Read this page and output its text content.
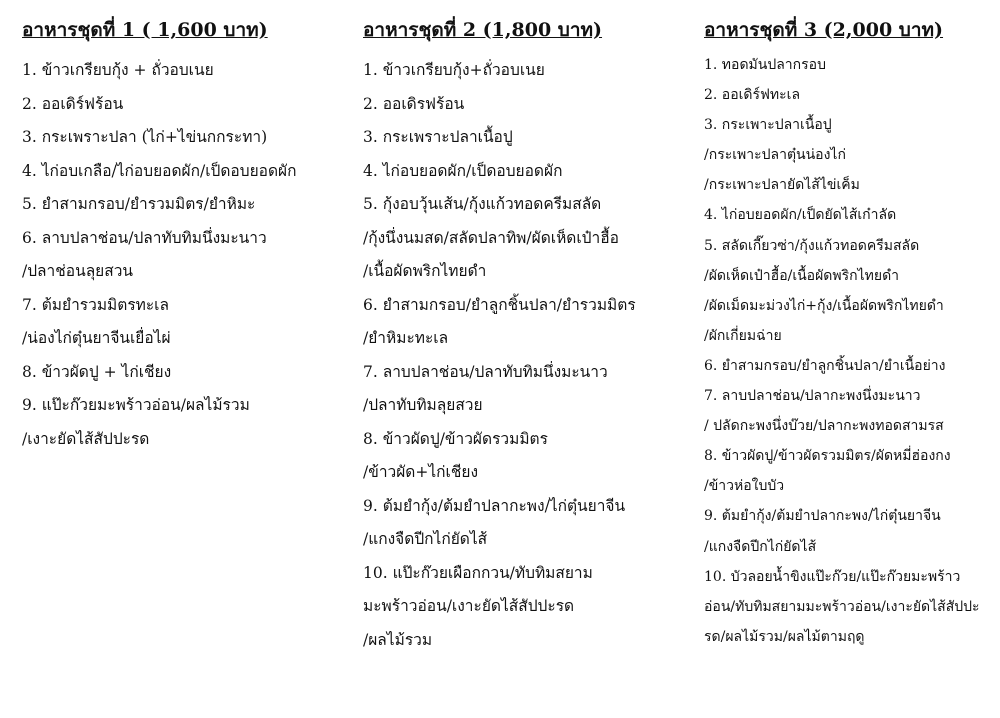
อาหารชุดที่ 1 ( 1,600 บาท)
1. ข้าวเกรียบกุ้ง + ถั่วอบเนย
2. ออเดิร์ฟร้อน
3. กระเพราะปลา (ไก่+ไข่นกกระทา)
4. ไก่อบเกลือ/ไก่อบยอดผัก/เป็ดอบยอดผัก
5. ยำสามกรอบ/ยำรวมมิตร/ยำหิมะ
6. ลาบปลาช่อน/ปลาทับทิมนึ่งมะนาว
/ปลาช่อนลุยสวน
7. ต้มยำรวมมิตรทะเล
/น่องไก่ตุ๋นยาจีนเยื่อไผ่
8. ข้าวผัดปู + ไก่เชียง
9. แป๊ะก๊วยมะพร้าวอ่อน/ผลไม้รวม
/เงาะยัดไส้สัปปะรด
อาหารชุดที่ 2 (1,800 บาท)
1. ข้าวเกรียบกุ้ง+ถั่วอบเนย
2. ออเดิรฟร้อน
3. กระเพราะปลาเนื้อปู
4. ไก่อบยอดผัก/เป็ดอบยอดผัก
5. กุ้งอบวุ้นเส้น/กุ้งแก้วทอดครีมสลัด
/กุ้งนึ่งนมสด/สลัดปลาทิพ/ผัดเห็ดเป๋าฮื้อ
/เนื้อผัดพริกไทยดำ
6. ยำสามกรอบ/ยำลูกชิ้นปลา/ยำรวมมิตร
/ยำหิมะทะเล
7. ลาบปลาช่อน/ปลาทับทิมนึ่งมะนาว
/ปลาทับทิมลุยสวย
8. ข้าวผัดปู/ข้าวผัดรวมมิตร
/ข้าวผัด+ไก่เชียง
9. ต้มยำกุ้ง/ต้มยำปลากะพง/ไก่ตุ๋นยาจีน
/แกงจืดปีกไก่ยัดไส้
10. แป๊ะก๊วยเผือกกวน/ทับทิมสยาม
มะพร้าวอ่อน/เงาะยัดไส้สัปปะรด
/ผลไม้รวม
อาหารชุดที่ 3 (2,000 บาท)
1. ทอดมันปลากรอบ
2. ออเดิร์ฟทะเล
3. กระเพาะปลาเนื้อปู
/กระเพาะปลาตุ๋นน่องไก่
/กระเพาะปลายัดไส้ไข่เค็ม
4. ไก่อบยอดผัก/เป็ดยัดไส้เก๋าลัด
5. สลัดเกี๊ยวซ่า/กุ้งแก้วทอดครีมสลัด
/ผัดเห็ดเป๋าฮื้อ/เนื้อผัดพริกไทยดำ
/ผัดเม็ดมะม่วงไก่+กุ้ง/เนื้อผัดพริกไทยดำ
/ผักเกี่ยมฉ่าย
6. ยำสามกรอบ/ยำลูกชิ้นปลา/ยำเนื้อย่าง
7. ลาบปลาช่อน/ปลากะพงนึ่งมะนาว
/ ปลัดกะพงนึ่งบ๊วย/ปลากะพงทอดสามรส
8. ข้าวผัดปู/ข้าวผัดรวมมิตร/ผัดหมี่ฮ่องกง
/ข้าวห่อใบบัว
9. ต้มยำกุ้ง/ต้มยำปลากะพง/ไก่ตุ๋นยาจีน
/แกงจืดปีกไก่ยัดไส้
10. บัวลอยน้ำขิงแป๊ะก๊วย/แป๊ะก๊วยมะพร้าว
อ่อน/ทับทิมสยามมะพร้าวอ่อน/เงาะยัดไส้สัปปะ
รด/ผลไม้รวม/ผลไม้ตามฤดู
